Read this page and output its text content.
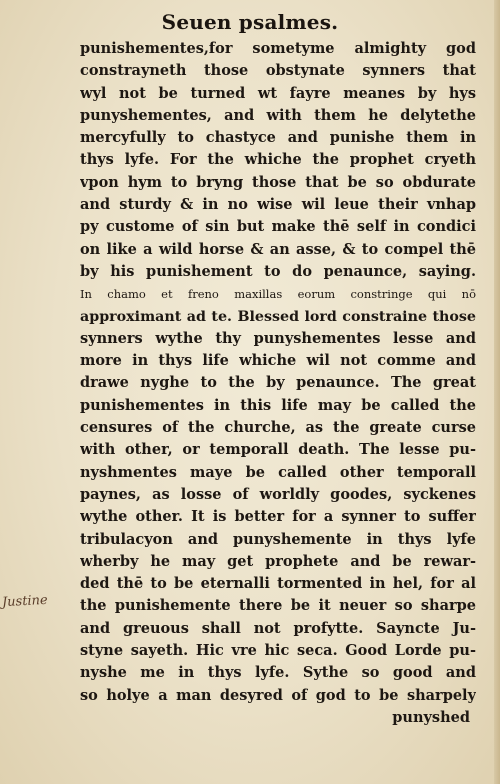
Seuen psalmes.
Justine
punishementes,for sometyme almighty god
constrayneth those obstynate synners that
wyl not be turned wt fayre meanes by hys
punyshementes, and with them he delytethe
mercyfully to chastyce and punishe them in
thys lyfe. For the whiche the prophet cryeth
vpon hym to bryng those that be so obdurate
and sturdy & in no wise wil leue their vnhap
py custome of sin but make thē self in condici
on like a wild horse & an asse, & to compel thē
by his punishement to do penaunce, saying.
In chamo et freno maxillas eorum constringe qui nō
approximant ad te. Blessed lord constraine those
synners wythe thy punyshementes lesse and
more in thys life whiche wil not comme and
drawe nyghe to the by penaunce. The great
punishementes in this life may be called the
censures of the churche, as the greate curse
with other, or temporall death. The lesse pu-
nyshmentes maye be called other temporall
paynes, as losse of worldly goodes, syckenes
wythe other. It is better for a synner to suffer
tribulacyon and punyshemente in thys lyfe
wherby he may get prophete and be rewar-
ded thē to be eternalli tormented in hel, for al
the punishemente there be it neuer so sharpe
and greuous shall not profytte. Sayncte Ju-
styne sayeth. Hic vre hic seca. Good Lorde pu-
nyshe me in thys lyfe. Sythe so good and
so holye a man desyred of god to be sharpely
punyshed
